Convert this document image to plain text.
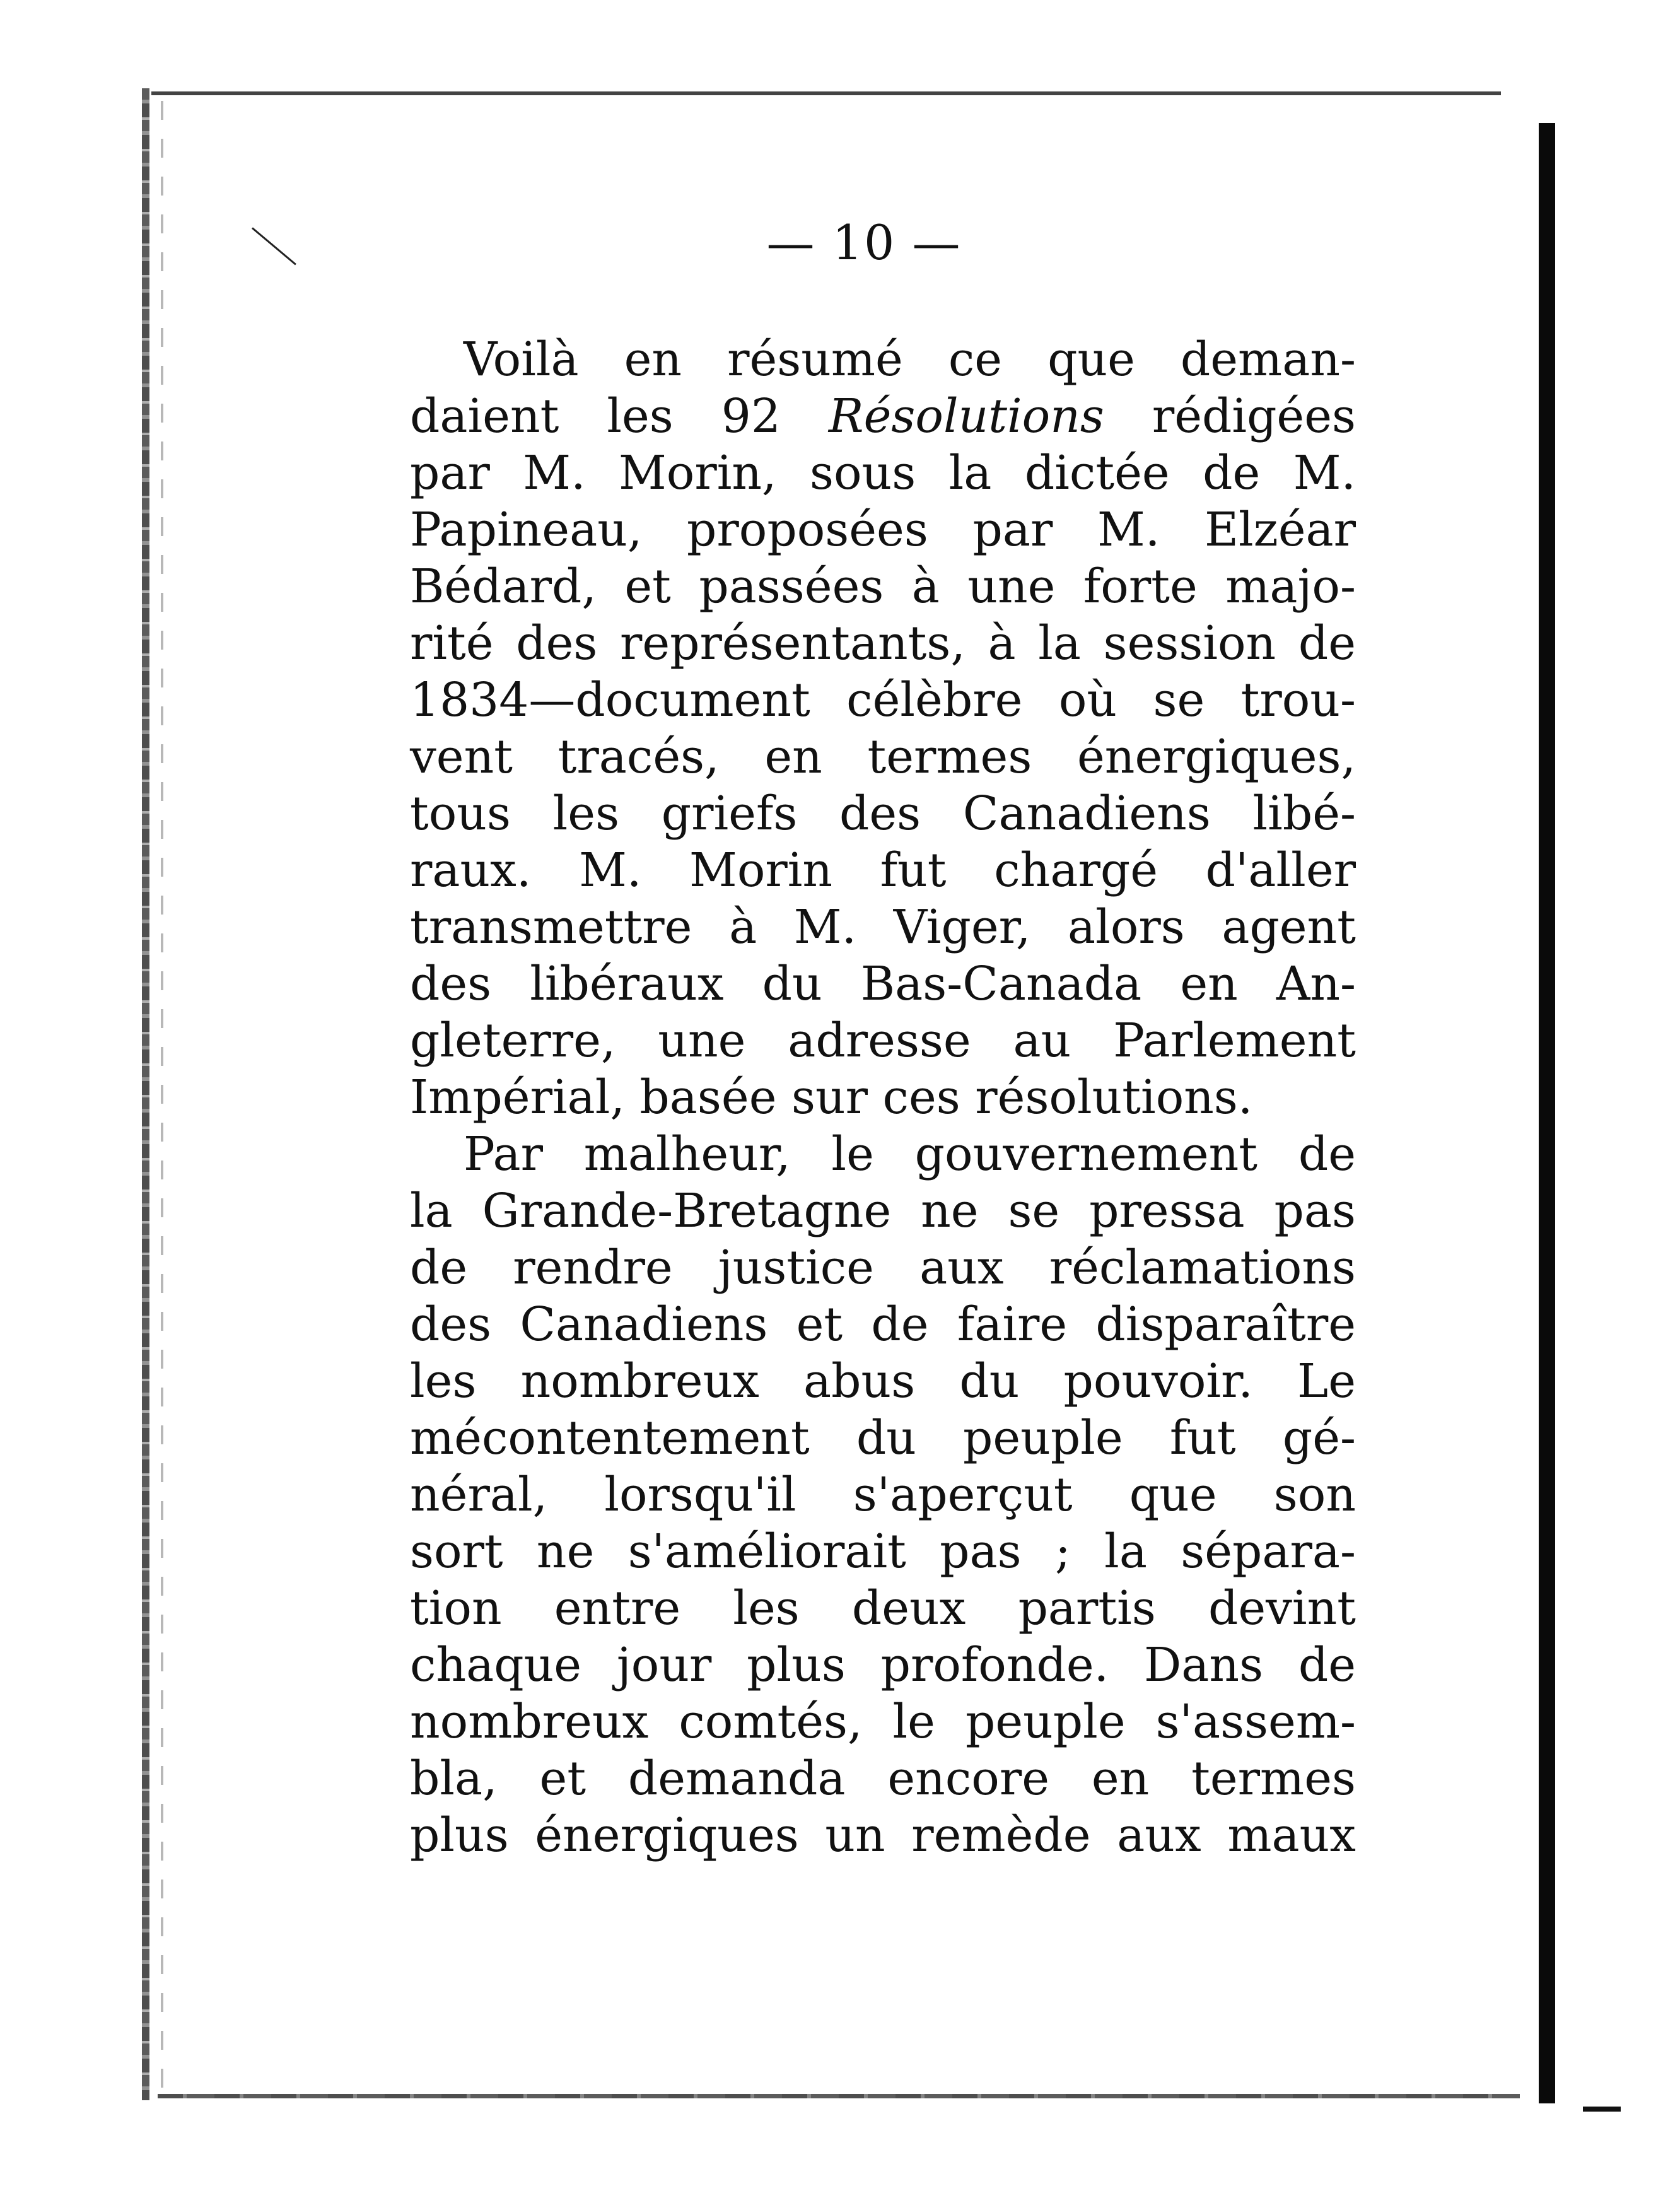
— 10 —
Voilà en résumé ce que deman-
daient les 92 Résolutions rédigées
par M. Morin, sous la dictée de M.
Papineau, proposées par M. Elzéar
Bédard, et passées à une forte majo-
rité des représentants, à la session de
1834—document célèbre où se trou-
vent tracés, en termes énergiques,
tous les griefs des Canadiens libé-
raux. M. Morin fut chargé d'aller
transmettre à M. Viger, alors agent
des libéraux du Bas-Canada en An-
gleterre, une adresse au Parlement
Impérial, basée sur ces résolutions.
Par malheur, le gouvernement de
la Grande-Bretagne ne se pressa pas
de rendre justice aux réclamations
des Canadiens et de faire disparaître
les nombreux abus du pouvoir. Le
mécontentement du peuple fut gé-
néral, lorsqu'il s'aperçut que son
sort ne s'améliorait pas ; la sépara-
tion entre les deux partis devint
chaque jour plus profonde. Dans de
nombreux comtés, le peuple s'assem-
bla, et demanda encore en termes
plus énergiques un remède aux maux
